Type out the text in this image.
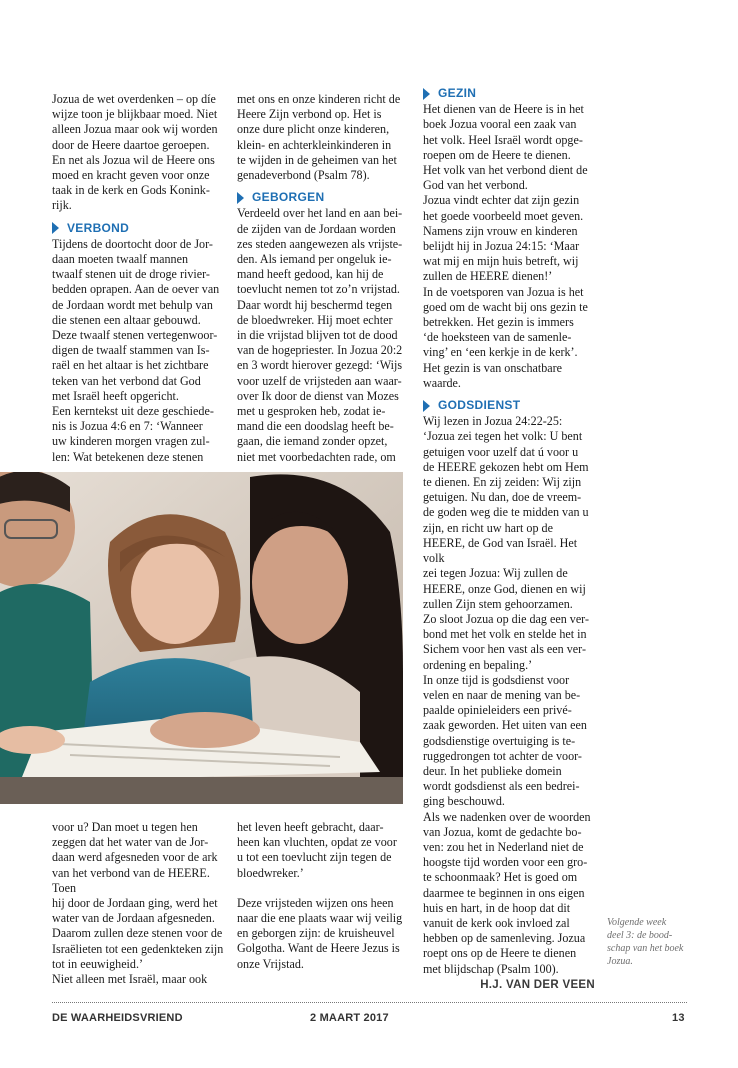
Jozua de wet overdenken – op díe
wijze toon je blijkbaar moed. Niet
alleen Jozua maar ook wij worden
door de Heere daartoe geroepen.
En net als Jozua wil de Heere ons
moed en kracht geven voor onze
taak in de kerk en Gods Konink-
rijk.

VERBOND

Tijdens de doortocht door de Jor-
daan moeten twaalf mannen
twaalf stenen uit de droge rivier-
bedden oprapen. Aan de oever van
de Jordaan wordt met behulp van
die stenen een altaar gebouwd.
Deze twaalf stenen vertegenwoor-
digen de twaalf stammen van Is-
raël en het altaar is het zichtbare
teken van het verbond dat God
met Israël heeft opgericht.
Een kerntekst uit deze geschiede-
nis is Jozua 4:6 en 7: ‘Wanneer
uw kinderen morgen vragen zul-
len: Wat betekenen deze stenen

met ons en onze kinderen richt de
Heere Zijn verbond op. Het is
onze dure plicht onze kinderen,
klein- en achterkleinkinderen in
te wijden in de geheimen van het
genadeverbond (Psalm 78).

GEBORGEN

Verdeeld over het land en aan bei-
de zijden van de Jordaan worden
zes steden aangewezen als vrijste-
den. Als iemand per ongeluk ie-
mand heeft gedood, kan hij de
toevlucht nemen tot zo’n vrijstad.
Daar wordt hij beschermd tegen
de bloedwreker. Hij moet echter
in die vrijstad blijven tot de dood
van de hogepriester. In Jozua 20:2
en 3 wordt hierover gezegd: ‘Wijs
voor uzelf de vrijsteden aan waar-
over Ik door de dienst van Mozes
met u gesproken heb, zodat ie-
mand die een doodslag heeft be-
gaan, die iemand zonder opzet,
niet met voorbedachten rade, om

voor u? Dan moet u tegen hen
zeggen dat het water van de Jor-
daan werd afgesneden voor de ark
van het verbond van de HEERE. Toen
hij door de Jordaan ging, werd het
water van de Jordaan afgesneden.
Daarom zullen deze stenen voor de
Israëlieten tot een gedenkteken zijn
tot in eeuwigheid.’
Niet alleen met Israël, maar ook

het leven heeft gebracht, daar-
heen kan vluchten, opdat ze voor
u tot een toevlucht zijn tegen de
bloedwreker.’

Deze vrijsteden wijzen ons heen
naar die ene plaats waar wij veilig
en geborgen zijn: de kruisheuvel
Golgotha. Want de Heere Jezus is
onze Vrijstad.

GEZIN

Het dienen van de Heere is in het
boek Jozua vooral een zaak van
het volk. Heel Israël wordt opge-
roepen om de Heere te dienen.
Het volk van het verbond dient de
God van het verbond.
Jozua vindt echter dat zijn gezin
het goede voorbeeld moet geven.
Namens zijn vrouw en kinderen
belijdt hij in Jozua 24:15: ‘Maar
wat mij en mijn huis betreft, wij
zullen de HEERE dienen!’
In de voetsporen van Jozua is het
goed om de wacht bij ons gezin te
betrekken. Het gezin is immers
‘de hoeksteen van de samenle-
ving’ en ‘een kerkje in de kerk’.
Het gezin is van onschatbare
waarde.

GODSDIENST

Wij lezen in Jozua 24:22-25:
‘Jozua zei tegen het volk: U bent
getuigen voor uzelf dat ú voor u
de HEERE gekozen hebt om Hem
te dienen. En zij zeiden: Wij zijn
getuigen. Nu dan, doe de vreem-
de goden weg die te midden van u
zijn, en richt uw hart op de
HEERE, de God van Israël. Het volk
zei tegen Jozua: Wij zullen de
HEERE, onze God, dienen en wij
zullen Zijn stem gehoorzamen.
Zo sloot Jozua op die dag een ver-
bond met het volk en stelde het in
Sichem voor hen vast als een ver-
ordening en bepaling.’
In onze tijd is godsdienst voor
velen en naar de mening van be-
paalde opinieleiders een privé-
zaak geworden. Het uiten van een
godsdienstige overtuiging is te-
ruggedrongen tot achter de voor-
deur. In het publieke domein
wordt godsdienst als een bedrei-
ging beschouwd.
Als we nadenken over de woorden
van Jozua, komt de gedachte bo-
ven: zou het in Nederland niet de
hoogste tijd worden voor een gro-
te schoonmaak? Het is goed om
daarmee te beginnen in ons eigen
huis en hart, in de hoop dat dit
vanuit de kerk ook invloed zal
hebben op de samenleving. Jozua
roept ons op de Heere te dienen
met blijdschap (Psalm 100).

H.J. VAN DER VEEN
Volgende week
deel 3: de bood-
schap van het boek
Jozua.
DE WAARHEIDSVRIEND	2 MAART 2017	13
